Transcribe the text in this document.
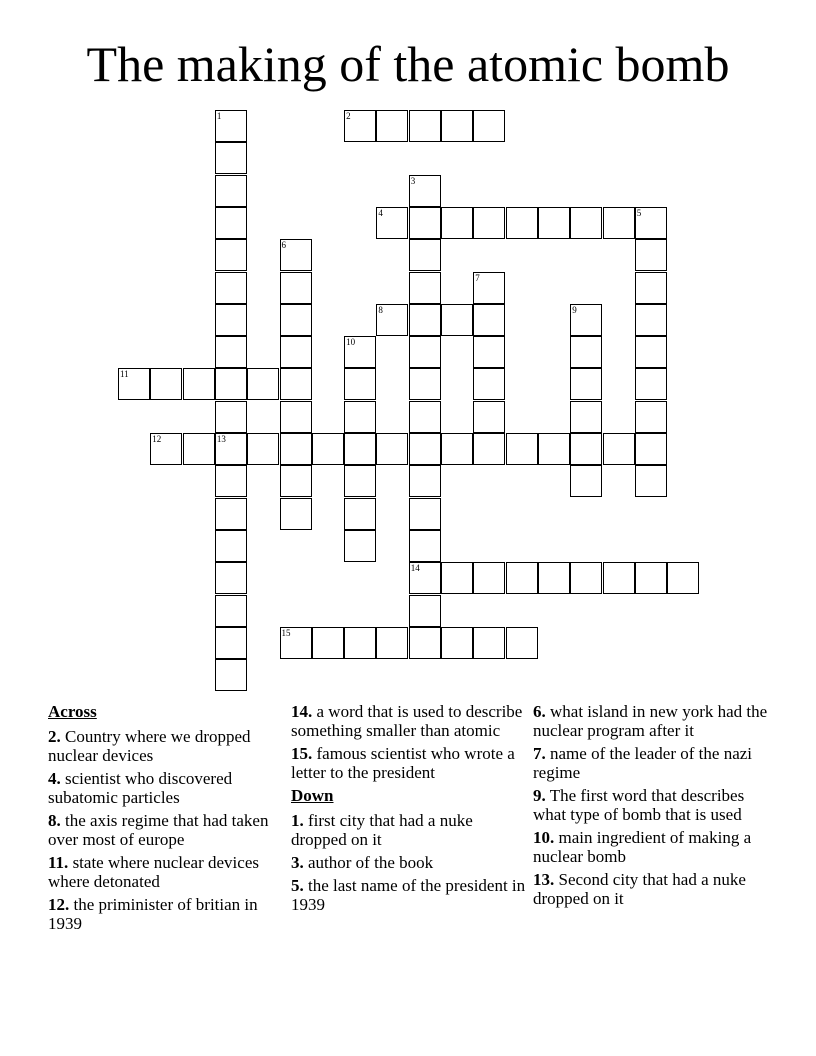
The making of the atomic bomb
1
13
2
3
14
4	5
6
7
8	9
10
11
12
15
Across
2. Country where we dropped nuclear devices
4. scientist who discovered subatomic particles
8. the axis regime that had taken over most of europe
11. state where nuclear devices where detonated
12. the priminister of britian in 1939
14. a word that is used to describe something smaller than atomic
15. famous scientist who wrote a letter to the president
Down
1. first city that had a nuke dropped on it
3. author of the book
5. the last name of the president in 1939
6. what island in new york had the nuclear program after it
7. name of the leader of the nazi regime
9. The first word that describes what type of bomb that is used
10. main ingredient of making a nuclear bomb
13. Second city that had a nuke dropped on it
